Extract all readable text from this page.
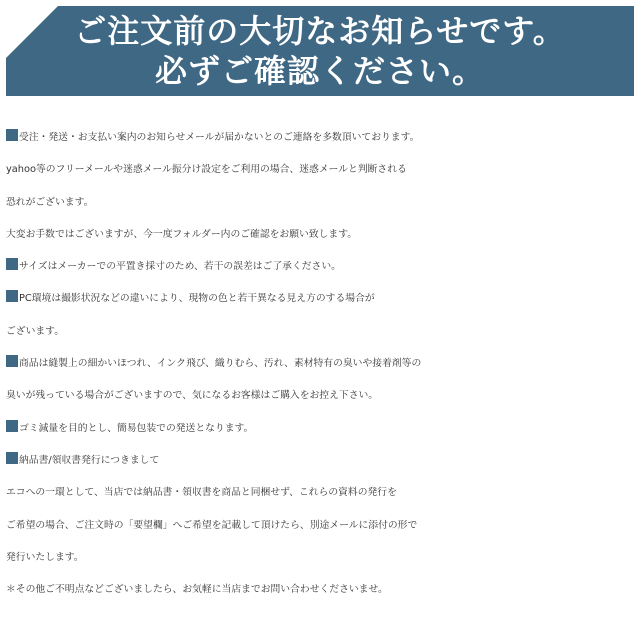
ご注文前の大切なお知らせです。
必ずご確認ください。
受注・発送・お支払い案内のお知らせメールが届かないとのご連絡を多数頂いております。
yahoo等のフリーメールや迷惑メール振分け設定をご利用の場合、迷惑メールと判断される
恐れがございます。
大変お手数ではございますが、今一度フォルダー内のご確認をお願い致します。
サイズはメーカーでの平置き採寸のため、若干の誤差はご了承ください。
PC環境は撮影状況などの違いにより、現物の色と若干異なる見え方のする場合が
ございます。
商品は縫製上の細かいほつれ、インク飛び、織りむら、汚れ、素材特有の臭いや接着剤等の
臭いが残っている場合がございますので、気になるお客様はご購入をお控え下さい。
ゴミ減量を目的とし、簡易包装での発送となります。
納品書/領収書発行につきまして
エコへの一環として、当店では納品書・領収書を商品と同梱せず、これらの資料の発行を
ご希望の場合、ご注文時の「要望欄」へご希望を記載して頂けたら、別途メールに添付の形で
発行いたします。
＊その他ご不明点などございましたら、お気軽に当店までお問い合わせくださいませ。
